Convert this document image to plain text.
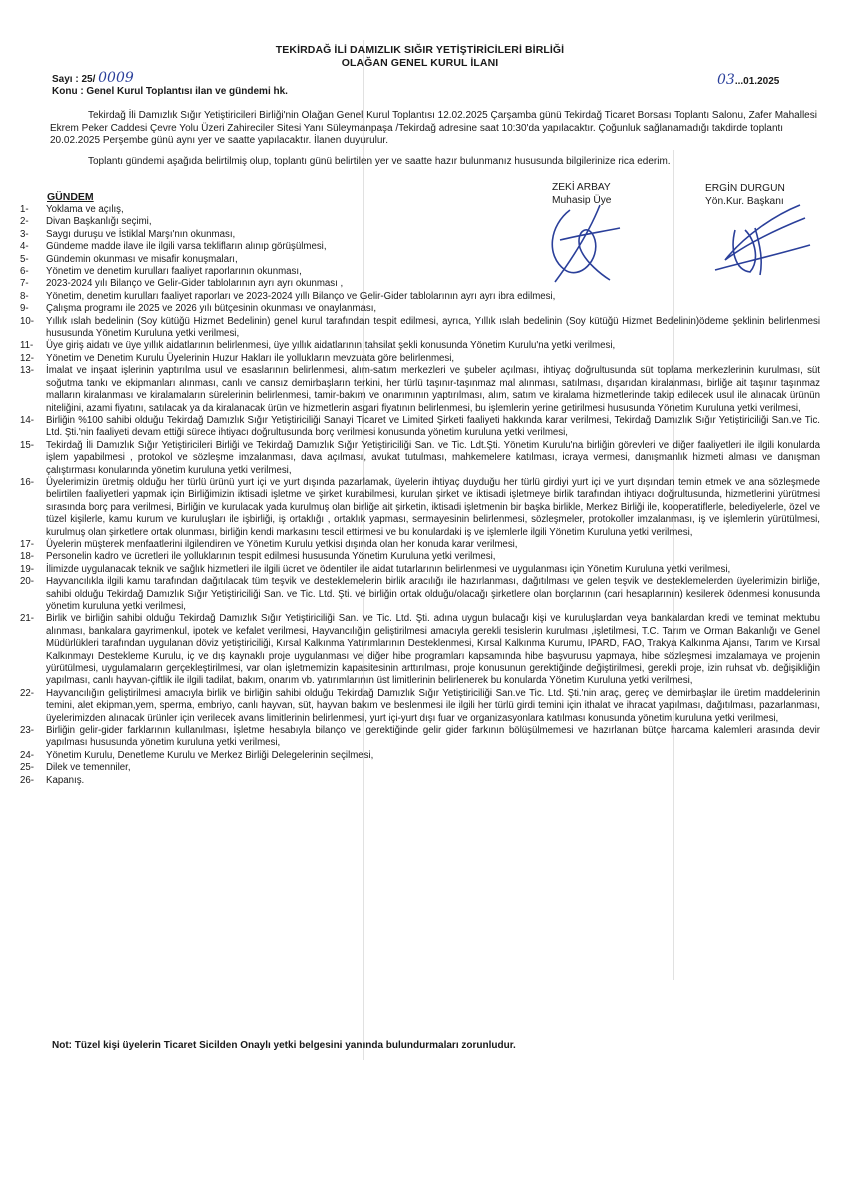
TEKİRDAĞ İLİ DAMIZLIK SIĞIR YETİŞTİRİCİLERİ BİRLİĞİ
OLAĞAN GENEL KURUL İLANI
Sayı : 25/ 0009
Konu : Genel Kurul Toplantısı ilan ve gündemi hk.
03...01.2025
Tekirdağ İli Damızlık Sığır Yetiştiricileri Birliği'nin Olağan Genel Kurul Toplantısı 12.02.2025 Çarşamba günü Tekirdağ Ticaret Borsası Toplantı Salonu, Zafer Mahallesi Ekrem Peker Caddesi Çevre Yolu Üzeri Zahireciler Sitesi Yanı Süleymanpaşa /Tekirdağ adresine saat 10:30'da yapılacaktır. Çoğunluk sağlanamadığı takdirde toplantı 20.02.2025 Perşembe günü aynı yer ve saatte yapılacaktır. İlanen duyurulur.
Toplantı gündemi aşağıda belirtilmiş olup, toplantı günü belirtilen yer ve saatte hazır bulunmanız hususunda bilgilerinize rica ederim.
GÜNDEM
ZEKİ ARBAY
Muhasip Üye
ERGİN DURGUN
Yön.Kur. Başkanı
1-	Yoklama ve açılış,
2-	Divan Başkanlığı seçimi,
3-	Saygı duruşu ve İstiklal Marşı'nın okunması,
4-	Gündeme madde ilave ile ilgili varsa teklifların alınıp görüşülmesi,
5-	Gündemin okunması ve misafir konuşmaları,
6-	Yönetim ve denetim kurulları faaliyet raporlarının okunması,
7-	2023-2024 yılı Bilanço ve Gelir-Gider tablolarının ayrı ayrı okunması ,
8-	Yönetim, denetim kurulları faaliyet raporları ve 2023-2024 yıllı Bilanço ve Gelir-Gider tablolarının ayrı ayrı ibra edilmesi,
9-	Çalışma programı ile 2025 ve 2026 yılı bütçesinin okunması ve onaylanması,
10-	Yıllık ıslah bedelinin (Soy kütüğü Hizmet Bedelinin) genel kurul tarafından tespit edilmesi, ayrıca, Yıllık ıslah bedelinin (Soy kütüğü Hizmet Bedelinin)ödeme şeklinin belirlenmesi hususunda Yönetim Kuruluna yetki verilmesi,
11-	Üye giriş aidatı ve üye yıllık aidatlarının belirlenmesi, üye yıllık aidatlarının tahsilat şekli konusunda Yönetim Kurulu'na yetki verilmesi,
12-	Yönetim ve Denetim Kurulu Üyelerinin Huzur Hakları ile yollukların mevzuata göre belirlenmesi,
13-	İmalat ve inşaat işlerinin yaptırılma usul ve esaslarının belirlenmesi, alım-satım merkezleri ve şubeler açılması, ihtiyaç doğrultusunda süt toplama merkezlerinin kurulması, süt soğutma tankı ve ekipmanları alınması, canlı ve cansız demirbaşların terkini, her türlü taşınır-taşınmaz mal alınması, satılması, dışarıdan kiralanması, birliğe ait taşınır taşınmaz malların kiralanması ve kiralamaların sürelerinin belirlenmesi, tamir-bakım ve onarımının yaptırılması, alım, satım ve kiralama hizmetlerinde takip edilecek usul ile alınacak ürünün niteliğini, azami fiyatını, satılacak ya da kiralanacak ürün ve hizmetlerin asgari fiyatının belirlenmesi, bu işlemlerin yerine getirilmesi hususunda Yönetim Kuruluna yetki verilmesi,
14-	Birliğin %100 sahibi olduğu Tekirdağ Damızlık Sığır Yetiştiriciliği Sanayi Ticaret ve Limited Şirketi faaliyeti hakkında karar verilmesi, Tekirdağ Damızlık Sığır Yetiştiriciliği San.ve Tic. Ltd. Şti.'nin faaliyeti devam ettiği sürece ihtiyacı doğrultusunda borç verilmesi konusunda yönetim kuruluna yetki verilmesi,
15-	Tekirdağ İli Damızlık Sığır Yetiştiricileri Birliği ve Tekirdağ Damızlık Sığır Yetiştiriciliği San. ve Tic. Ldt.Şti. Yönetim Kurulu'na birliğin görevleri ve diğer faaliyetleri ile ilgili konularda işlem yapabilmesi , protokol ve sözleşme imzalanması, dava açılması, avukat tutulması, mahkemelere katılması, icraya vermesi, danışmanlık hizmeti alması ve danışman çalıştırması konularında yönetim kuruluna yetki verilmesi,
16-	Üyelerimizin üretmiş olduğu her türlü ürünü yurt içi ve yurt dışında pazarlamak, üyelerin ihtiyaç duyduğu her türlü girdiyi yurt içi ve yurt dışından temin etmek ve ana sözleşmede belirtilen faaliyetleri yapmak için Birliğimizin iktisadi işletme ve şirket kurabilmesi, kurulan şirket ve iktisadi işletmeye birlik tarafından ihtiyacı doğrultusunda, hizmetlerini yürütmesi sırasında borç para verilmesi, Birliğin ve kurulacak yada kurulmuş olan birliğe ait şirketin, iktisadi işletmenin bir başka birlikle, Merkez Birliği ile, kooperatiflerle, belediyelerle, özel ve tüzel kişilerle, kamu kurum ve kuruluşları ile işbirliği, iş ortaklığı , ortaklık yapması, sermayesinin belirlenmesi, sözleşmeler, protokoller imzalanması, iş ve işlemlerin yürütülmesi, kurulmuş olan şirketlere ortak olunması, birliğin kendi markasını tescil ettirmesi ve bu konulardaki iş ve işlemlerle ilgili Yönetim Kuruluna yetki verilmesi,
17-	Üyelerin müşterek menfaatlerini ilgilendiren ve Yönetim Kurulu yetkisi dışında olan her konuda karar verilmesi,
18-	Personelin kadro ve ücretleri ile yolluklarının tespit edilmesi hususunda Yönetim Kuruluna yetki verilmesi,
19-	İlimizde uygulanacak teknik ve sağlık hizmetleri ile ilgili ücret ve ödentiler ile aidat tutarlarının belirlenmesi ve uygulanması için Yönetim Kuruluna yetki verilmesi,
20-	Hayvancılıkla ilgili kamu tarafından dağıtılacak tüm teşvik ve desteklemelerin birlik aracılığı ile hazırlanması, dağıtılması ve gelen teşvik ve desteklemelerden üyelerimizin birliğe, sahibi olduğu Tekirdağ Damızlık Sığır Yetiştiriciliği San. ve Tic. Ltd. Şti. ve birliğin ortak olduğu/olacağı şirketlere olan borçlarının (cari hesaplarının) kesilerek ödenmesi konusunda yönetim kuruluna yetki verilmesi,
21-	Birlik ve birliğin sahibi olduğu Tekirdağ Damızlık Sığır Yetiştiriciliği San. ve Tic. Ltd. Şti. adına uygun bulacağı kişi ve kuruluşlardan veya bankalardan kredi ve teminat mektubu alınması, bankalara gayrimenkul, ipotek ve kefalet verilmesi, Hayvancılığın geliştirilmesi amacıyla gerekli tesislerin kurulması ,işletilmesi, T.C. Tarım ve Orman Bakanlığı ve Genel Müdürlükleri tarafından uygulanan döviz yetiştiriciliği, Kırsal Kalkınma Yatırımlarının Desteklenmesi, Kırsal Kalkınma Kurumu, IPARD, FAO, Trakya Kalkınma Ajansı, Tarım ve Kırsal Kalkınmayı Destekleme Kurulu, iç ve dış kaynaklı proje uygulanması ve diğer hibe programları kapsamında hibe başvurusu yapmaya, hibe sözleşmesi imzalamaya ve projenin yürütülmesi, uygulamaların gerçekleştirilmesi, var olan işletmemizin kapasitesinin arttırılması, proje konusunun gerektiğinde değiştirilmesi, gerekli proje, izin ruhsat vb. değişikliğin yapılması, canlı hayvan-çiftlik ile ilgili tadilat, bakım, onarım vb. yatırımlarının üst limitlerinin belirlenerek bu konularda Yönetim Kuruluna yetki verilmesi,
22-	Hayvancılığın geliştirilmesi amacıyla birlik ve birliğin sahibi olduğu Tekirdağ Damızlık Sığır Yetiştiriciliği San.ve Tic. Ltd. Şti.'nin araç, gereç ve demirbaşlar ile üretim maddelerinin temini, alet ekipman,yem, sperma, embriyo, canlı hayvan, süt, hayvan bakım ve beslenmesi ile ilgili her türlü girdi temini için ithalat ve ihracat yapılması, dağıtılması, pazarlanması, üyelerimizden alınacak ürünler için verilecek avans limitlerinin belirlenmesi, yurt içi-yurt dışı fuar ve organizasyonlara katılması konusunda yönetim kuruluna yetki verilmesi,
23-	Birliğin gelir-gider farklarının kullanılması, İşletme hesabıyla bilanço ve gerektiğinde gelir gider farkının bölüşülmemesi ve hazırlanan bütçe harcama kalemleri arasında devir yapılması hususunda yönetim kuruluna yetki verilmesi,
24-	Yönetim Kurulu, Denetleme Kurulu ve Merkez Birliği Delegelerinin seçilmesi,
25-	Dilek ve temenniler,
26-	Kapanış.
Not: Tüzel kişi üyelerin Ticaret Sicilden Onaylı yetki belgesini yanında bulundurmaları zorunludur.
